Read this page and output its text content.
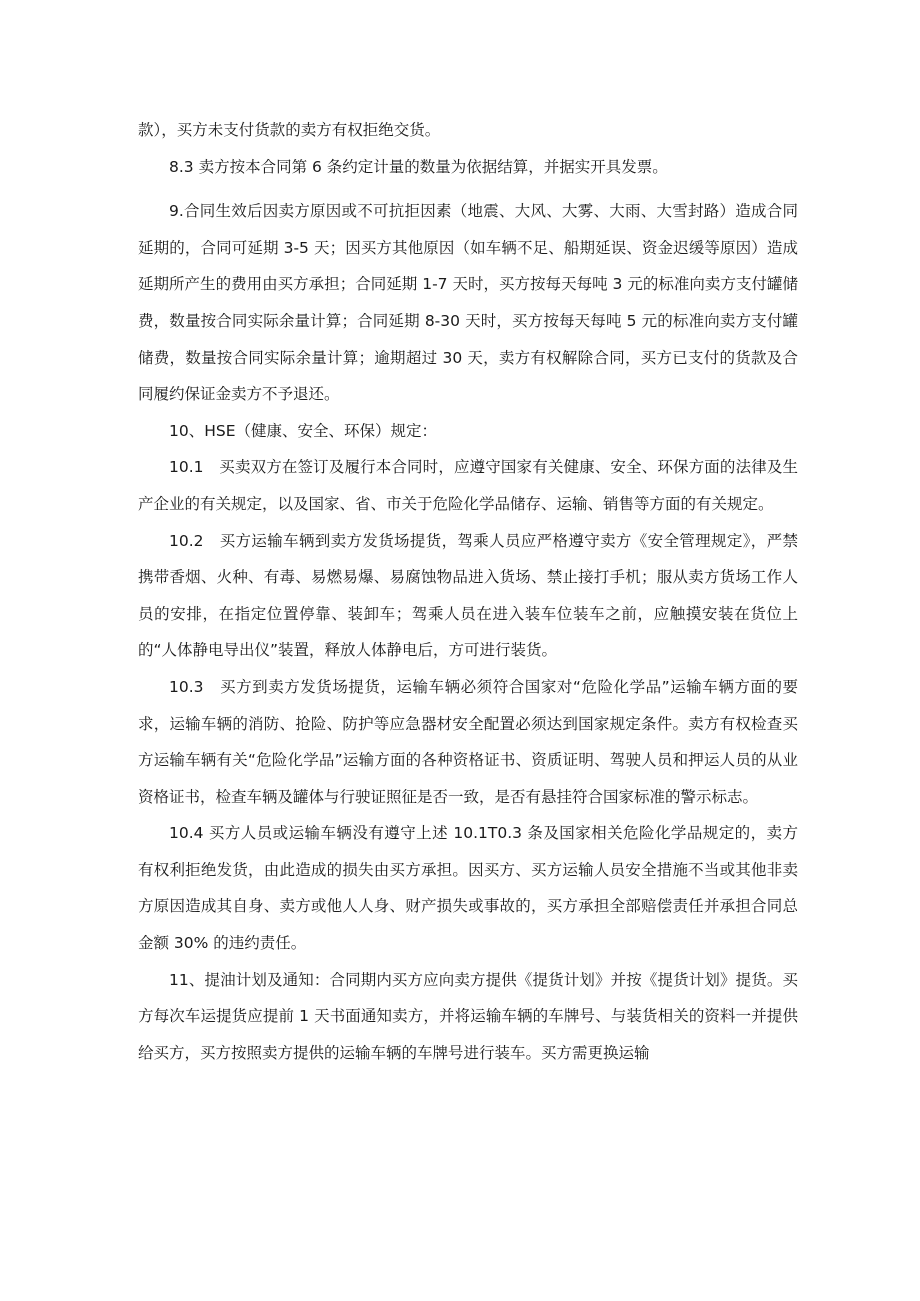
款），买方未支付货款的卖方有权拒绝交货。

8.3 卖方按本合同第 6 条约定计量的数量为依据结算，并据实开具发票。

9.合同生效后因卖方原因或不可抗拒因素（地震、大风、大雾、大雨、大雪封路）造成合同延期的，合同可延期 3-5 天；因买方其他原因（如车辆不足、船期延误、资金迟缓等原因）造成延期所产生的费用由买方承担；合同延期 1-7 天时，买方按每天每吨 3 元的标准向卖方支付罐储费，数量按合同实际余量计算；合同延期 8-30 天时，买方按每天每吨 5 元的标准向卖方支付罐储费，数量按合同实际余量计算；逾期超过 30 天，卖方有权解除合同，买方已支付的货款及合同履约保证金卖方不予退还。

10、HSE（健康、安全、环保）规定：

10.1　买卖双方在签订及履行本合同时，应遵守国家有关健康、安全、环保方面的法律及生产企业的有关规定，以及国家、省、市关于危险化学品储存、运输、销售等方面的有关规定。

10.2　买方运输车辆到卖方发货场提货，驾乘人员应严格遵守卖方《安全管理规定》，严禁携带香烟、火种、有毒、易燃易爆、易腐蚀物品进入货场、禁止接打手机；服从卖方货场工作人员的安排，在指定位置停靠、装卸车；驾乘人员在进入装车位装车之前，应触摸安装在货位上的“人体静电导出仪”装置，释放人体静电后，方可进行装货。

10.3　买方到卖方发货场提货，运输车辆必须符合国家对“危险化学品”运输车辆方面的要求，运输车辆的消防、抢险、防护等应急器材安全配置必须达到国家规定条件。卖方有权检查买方运输车辆有关“危险化学品”运输方面的各种资格证书、资质证明、驾驶人员和押运人员的从业资格证书，检查车辆及罐体与行驶证照征是否一致，是否有悬挂符合国家标准的警示标志。

10.4 买方人员或运输车辆没有遵守上述 10.1T0.3 条及国家相关危险化学品规定的，卖方有权利拒绝发货，由此造成的损失由买方承担。因买方、买方运输人员安全措施不当或其他非卖方原因造成其自身、卖方或他人人身、财产损失或事故的，买方承担全部赔偿责任并承担合同总金额 30% 的违约责任。

11、提油计划及通知：合同期内买方应向卖方提供《提货计划》并按《提货计划》提货。买方每次车运提货应提前 1 天书面通知卖方，并将运输车辆的车牌号、与装货相关的资料一并提供给买方，买方按照卖方提供的运输车辆的车牌号进行装车。买方需更换运输
